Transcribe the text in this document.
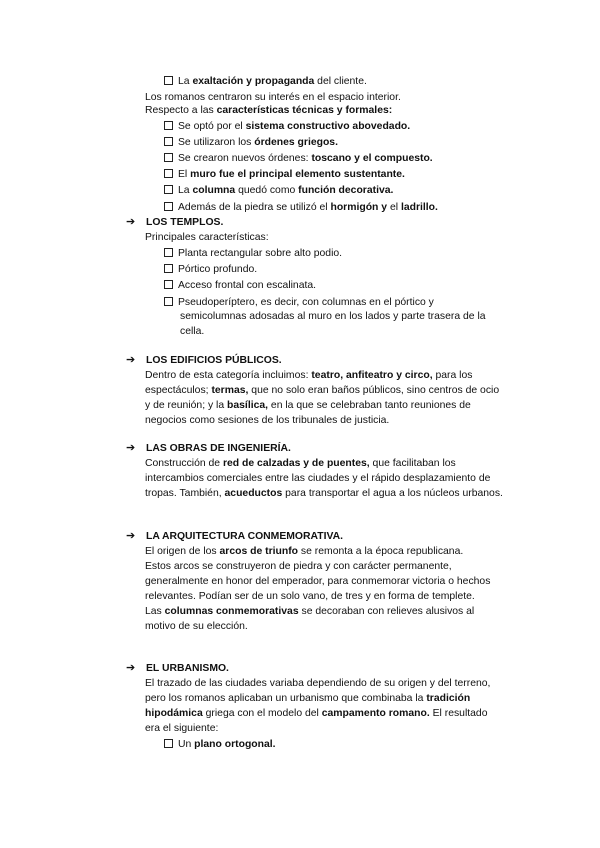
La exaltación y propaganda del cliente.
Los romanos centraron su interés en el espacio interior.
Respecto a las características técnicas y formales:
Se optó por el sistema constructivo abovedado.
Se utilizaron los órdenes griegos.
Se crearon nuevos órdenes: toscano y el compuesto.
El muro fue el principal elemento sustentante.
La columna quedó como función decorativa.
Además de la piedra se utilizó el hormigón y el ladrillo.
➔ LOS TEMPLOS.
Principales características:
Planta rectangular sobre alto podio.
Pórtico profundo.
Acceso frontal con escalinata.
Pseudoperíptero, es decir, con columnas en el pórtico y
semicolumnas adosadas al muro en los lados y parte trasera de la
cella.
➔ LOS EDIFICIOS PÚBLICOS.
Dentro de esta categoría incluimos: teatro, anfiteatro y circo, para los
espectáculos; termas, que no solo eran baños públicos, sino centros de ocio
y de reunión; y la basílica, en la que se celebraban tanto reuniones de
negocios como sesiones de los tribunales de justicia.
➔ LAS OBRAS DE INGENIERÍA.
Construcción de red de calzadas y de puentes, que facilitaban los
intercambios comerciales entre las ciudades y el rápido desplazamiento de
tropas. También, acueductos para transportar el agua a los núcleos urbanos.
➔ LA ARQUITECTURA CONMEMORATIVA.
El origen de los arcos de triunfo se remonta a la época republicana.
Estos arcos se construyeron de piedra y con carácter permanente,
generalmente en honor del emperador, para conmemorar victoria o hechos
relevantes. Podían ser de un solo vano, de tres y en forma de templete.
Las columnas conmemorativas se decoraban con relieves alusivos al
motivo de su elección.
➔ EL URBANISMO.
El trazado de las ciudades variaba dependiendo de su origen y del terreno,
pero los romanos aplicaban un urbanismo que combinaba la tradición
hipodámica griega con el modelo del campamento romano. El resultado
era el siguiente:
Un plano ortogonal.
